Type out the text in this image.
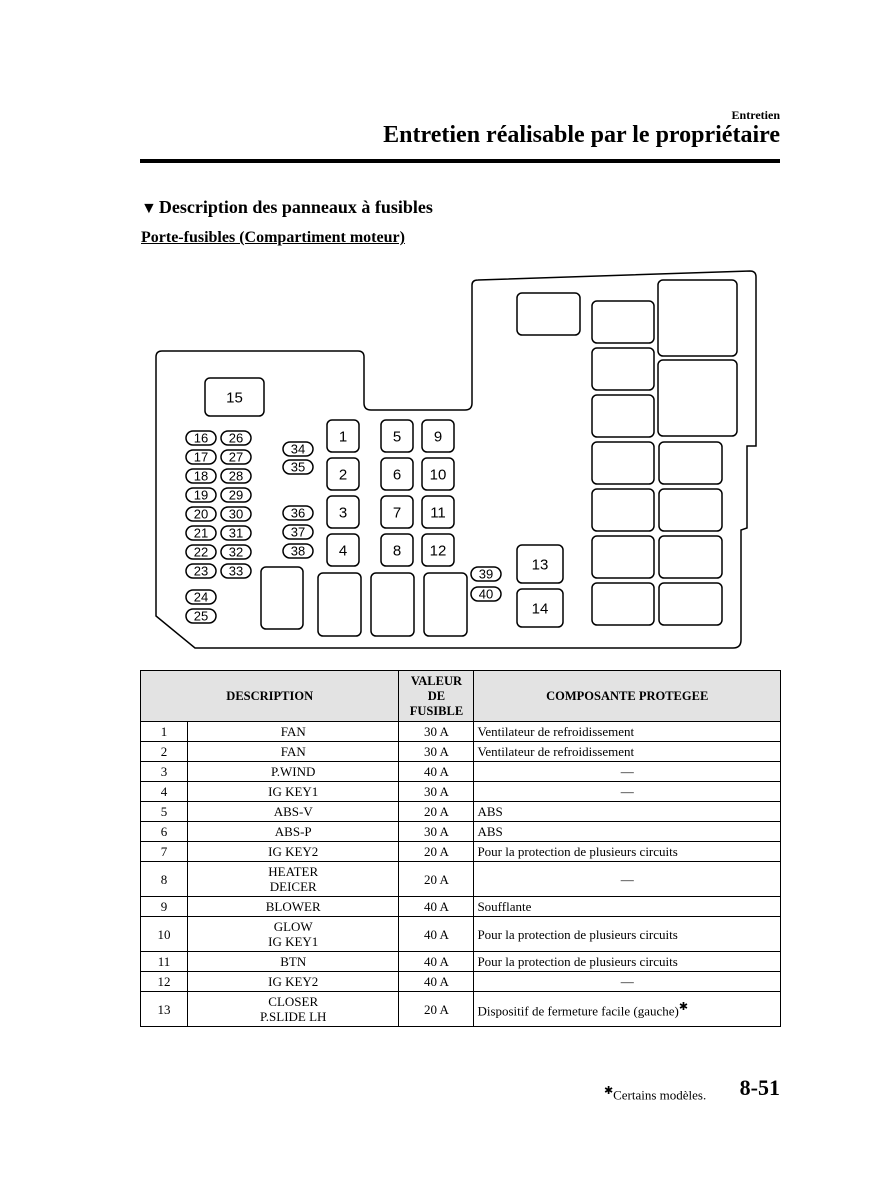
Entretien
Entretien réalisable par le propriétaire
▼ Description des panneaux à fusibles
Porte-fusibles (Compartiment moteur)
15
16 26
17 27
18 28
19 29
20 30
21 31
22 32
23 33
24
25
34
35
36
37
38
39
40
1
2
3
4
5
6
7
8
9
10
11
12
13
14
DESCRIPTION		VALEUR
DE
FUSIBLE	COMPOSANTE PROTEGEE
1	FAN	30 A	Ventilateur de refroidissement
2	FAN	30 A	Ventilateur de refroidissement
3	P.WIND	40 A	—
4	IG KEY1	30 A	—
5	ABS-V	20 A	ABS
6	ABS-P	30 A	ABS
7	IG KEY2	20 A	Pour la protection de plusieurs circuits
8	HEATER
DEICER	20 A	—
9	BLOWER	40 A	Soufflante
10	GLOW
IG KEY1	40 A	Pour la protection de plusieurs circuits
11	BTN	40 A	Pour la protection de plusieurs circuits
12	IG KEY2	40 A	—
13	CLOSER
P.SLIDE LH	20 A	Dispositif de fermeture facile (gauche)✱
✱Certains modèles. 8-51
